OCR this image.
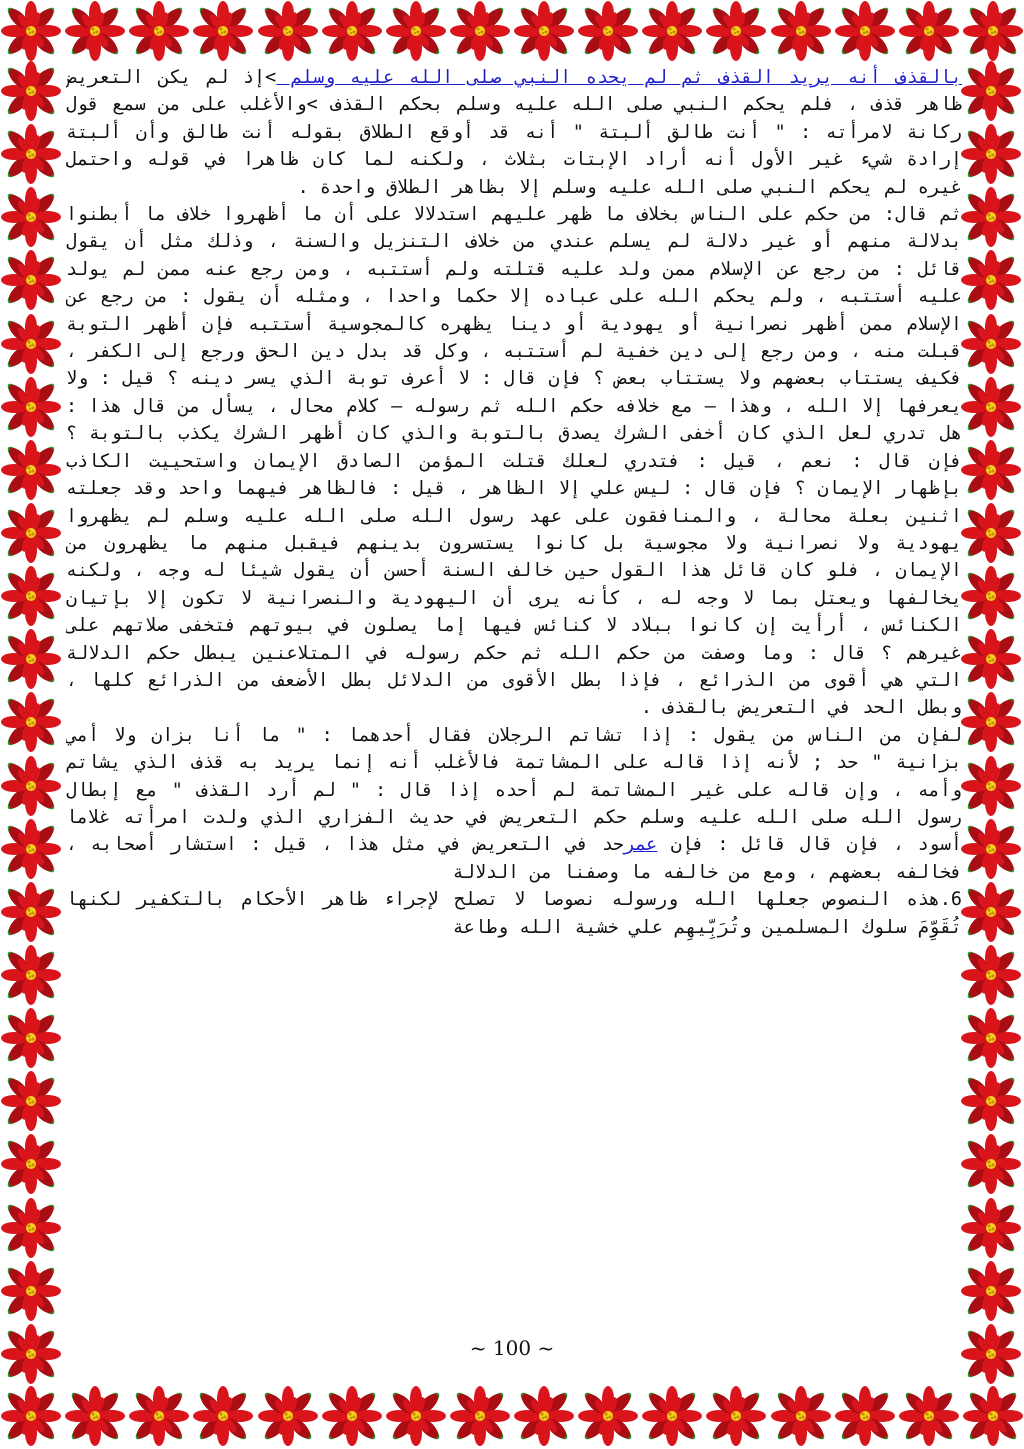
بالقذف أنه يريد القذف ثم لم يحده النبي صلى الله عليه وسلم >إذ لم يكن التعريض ظاهر قذف ، فلم يحكم النبي صلى الله عليه وسلم بحكم القذف >والأغلب على من سمع قول ركانة لامرأته : " أنت طالق ألبتة " أنه قد أوقع الطلاق بقوله أنت طالق وأن ألبتة إرادة شيء غير الأول أنه أراد الإبتات بثلاث ، ولكنه لما كان ظاهرا في قوله واحتمل غيره لم يحكم النبي صلى الله عليه وسلم إلا بظاهر الطلاق واحدة .

ثم قال: من حكم على الناس بخلاف ما ظهر عليهم استدلالا على أن ما أظهروا خلاف ما أبطنوا بدلالة منهم أو غير دلالة لم يسلم عندي من خلاف التنزيل والسنة ، وذلك مثل أن يقول قائل : من رجع عن الإسلام ممن ولد عليه قتلته ولم أستتبه ، ومن رجع عنه ممن لم يولد عليه أستتبه ، ولم يحكم الله على عباده إلا حكما واحدا ، ومثله أن يقول : من رجع عن الإسلام ممن أظهر نصرانية أو يهودية أو دينا يظهره كالمجوسية أستتبه فإن أظهر التوبة قبلت منه ، ومن رجع إلى دين خفية لم أستتبه ، وكل قد بدل دين الحق ورجع إلى الكفر ، فكيف يستتاب بعضهم ولا يستتاب بعض ؟ فإن قال : لا أعرف توبة الذي يسر دينه ؟ قيل : ولا يعرفها إلا الله ، وهذا – مع خلافه حكم الله ثم رسوله – كلام محال ، يسأل من قال هذا : هل تدري لعل الذي كان أخفى الشرك يصدق بالتوبة والذي كان أظهر الشرك يكذب بالتوبة ؟ فإن قال : نعم ، قيل : فتدري لعلك قتلت المؤمن الصادق الإيمان واستحييت الكاذب بإظهار الإيمان ؟ فإن قال : ليس علي إلا الظاهر ، قيل : فالظاهر فيهما واحد وقد جعلته اثنين بعلة محالة ، والمنافقون على عهد رسول الله صلى الله عليه وسلم لم يظهروا يهودية ولا نصرانية ولا مجوسية بل كانوا يستسرون بدينهم فيقبل منهم ما يظهرون من الإيمان ، فلو كان قائل هذا القول حين خالف السنة أحسن أن يقول شيئا له وجه ، ولكنه يخالفها ويعتل بما لا وجه له ، كأنه يرى أن اليهودية والنصرانية لا تكون إلا بإتيان الكنائس ، أرأيت إن كانوا ببلاد لا كنائس فيها إما يصلون في بيوتهم فتخفى صلاتهم على غيرهم ؟ قال : وما وصفت من حكم الله ثم حكم رسوله في المتلاعنين يبطل حكم الدلالة التي هي أقوى من الذرائع ، فإذا بطل الأقوى من الدلائل بطل الأضعف من الذرائع كلها ، وبطل الحد في التعريض بالقذف .

لفإن من الناس من يقول : إذا تشاتم الرجلان فقال أحدهما : " ما أنا بزان ولا أمي بزانية " حد ; لأنه إذا قاله على المشاتمة فالأغلب أنه إنما يريد به قذف الذي يشاتم وأمه ، وإن قاله على غير المشاتمة لم أحده إذا قال : " لم أرد القذف " مع إبطال رسول الله صلى الله عليه وسلم حكم التعريض في حديث الفزاري الذي ولدت امرأته غلاما أسود ، فإن قال قائل : فإن عمرحد في التعريض في مثل هذا ، قيل : استشار أصحابه ، فخالفه بعضهم ، ومع من خالفه ما وصفنا من الدلالة

6.هذه النصوص جعلها الله ورسوله نصوصا لا تصلح لإجراء ظاهر الأحكام بالتكفير لكنها تُقَوِّمَ سلوك المسلمين وتُرَبِّيهِم علي خشية الله وطاعة

~ 100 ~
